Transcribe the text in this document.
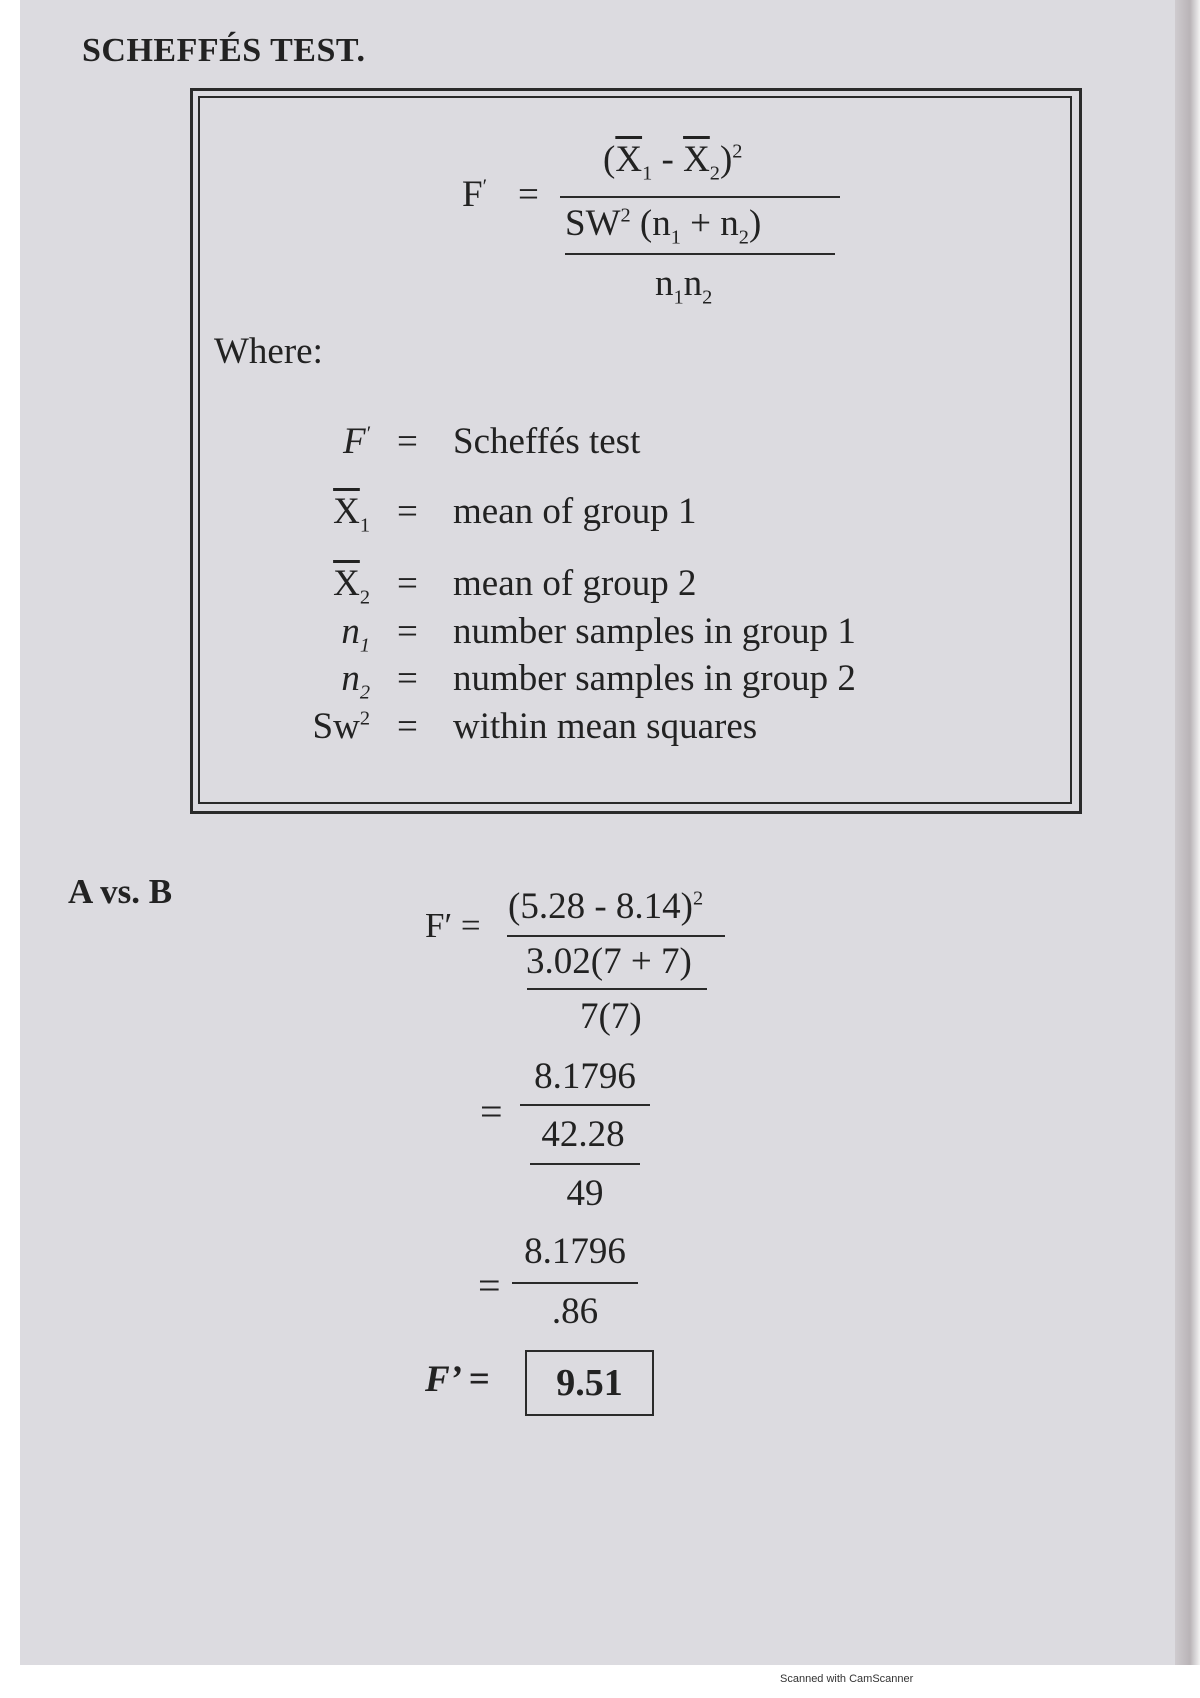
SCHEFFÉS TEST.
F′ =
$(\overline{X}_1 - \overline{X}_2)^2$
$SW^2$ $(n_1 + n_2)$
$n_1n_2$
Where:
F′ = Scheffés test
$\overline{X}_1$ = mean of group 1
$\overline{X}_2$ = mean of group 2
$n_1$ = number samples in group 1
$n_2$ = number samples in group 2
$Sw^2$ = within mean squares
A vs. B
F′ = (5.28 - 8.14)$^2$
3.02(7 + 7)
7(7)
=
8.1796
42.28
49
=
8.1796
.86
F’ =	9.51
Scanned with CamScanner
